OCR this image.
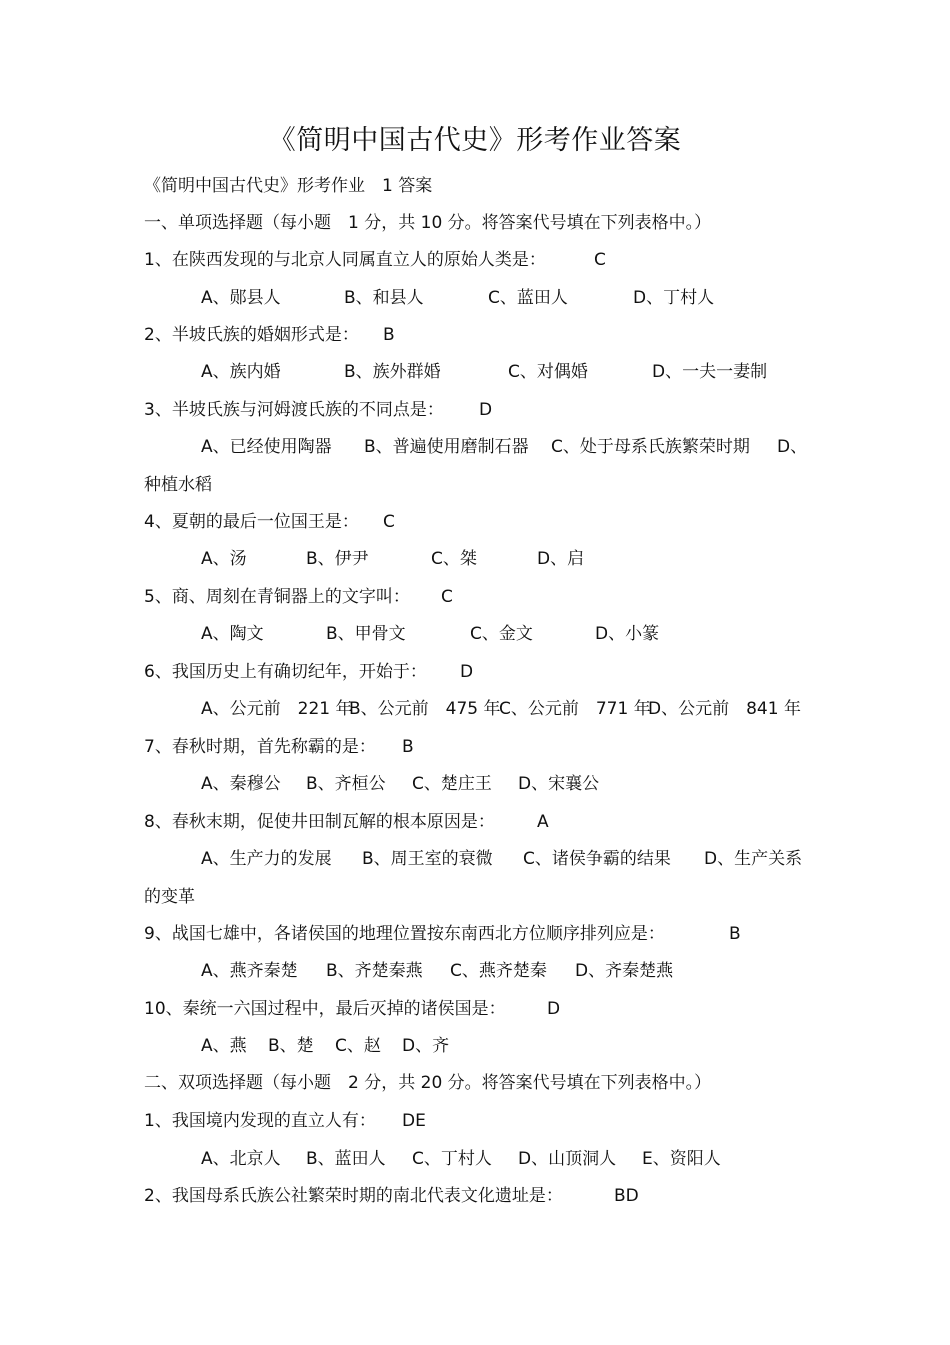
《简明中国古代史》形考作业答案
《简明中国古代史》形考作业　1 答案
一、单项选择题（每小题　1 分，共 10 分。将答案代号填在下列表格中。）
1、在陕西发现的与北京人同属直立人的原始人类是：	C
A、郧县人	B、和县人	C、蓝田人	D、丁村人
2、半坡氏族的婚姻形式是： B
A、族内婚	B、族外群婚	C、对偶婚	D、一夫一妻制
3、半坡氏族与河姆渡氏族的不同点是： D
A、已经使用陶器 B、普遍使用磨制石器 C、处于母系氏族繁荣时期 D、
种植水稻
4、夏朝的最后一位国王是： C
A、汤	B、伊尹	C、桀	D、启
5、商、周刻在青铜器上的文字叫： C
A、陶文	B、甲骨文	C、金文	D、小篆
6、我国历史上有确切纪年，开始于： D
A、公元前　221 年
B、公元前　475 年
C、公元前　771 年
D、公元前　841 年
7、春秋时期，首先称霸的是： B
A、秦穆公 B、齐桓公 C、楚庄王 D、宋襄公
8、春秋末期，促使井田制瓦解的根本原因是： A
A、生产力的发展 B、周王室的衰微 C、诸侯争霸的结果 D、生产关系
的变革
9、战国七雄中，各诸侯国的地理位置按东南西北方位顺序排列应是：	B
A、燕齐秦楚 B、齐楚秦燕 C、燕齐楚秦 D、齐秦楚燕
10、秦统一六国过程中，最后灭掉的诸侯国是： D
A、燕 B、楚 C、赵 D、齐
二、双项选择题（每小题　2 分，共 20 分。将答案代号填在下列表格中。）
1、我国境内发现的直立人有： DE
A、北京人 B、蓝田人 C、丁村人 D、山顶洞人 E、资阳人
2、我国母系氏族公社繁荣时期的南北代表文化遗址是：	BD
